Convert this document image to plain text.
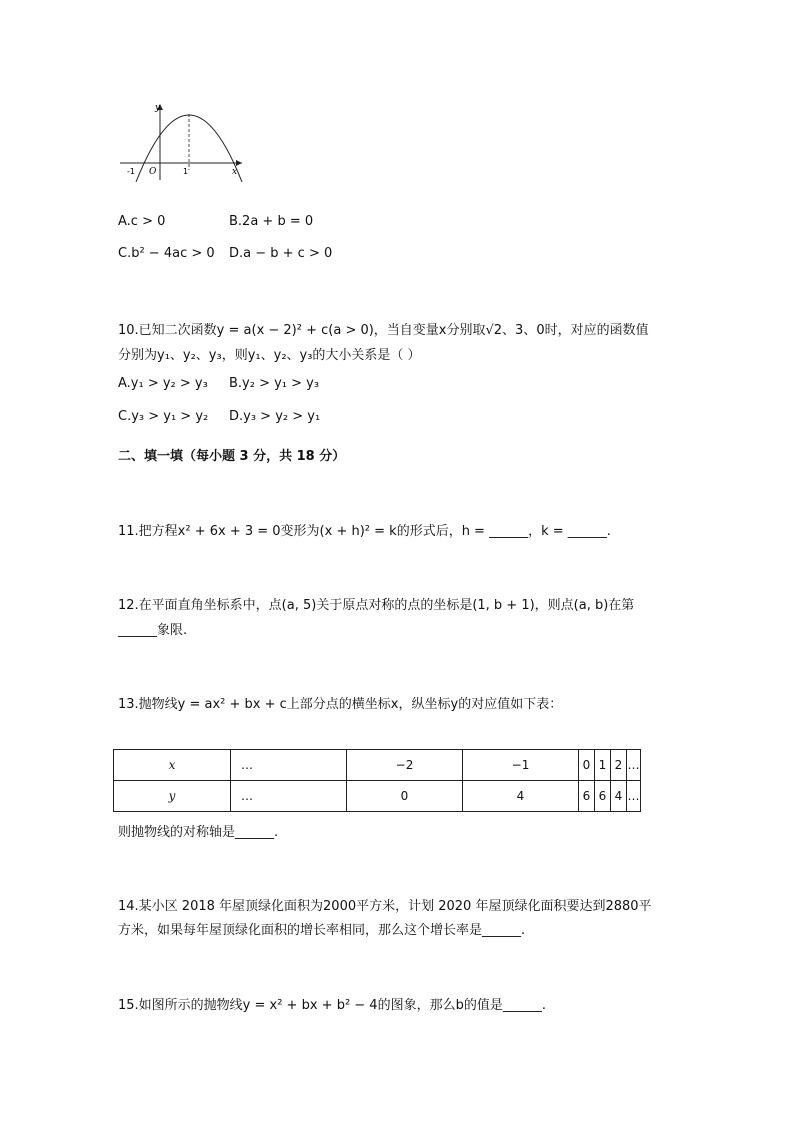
y
x
-1 O	1
A.c > 0	B.2a + b = 0
C.b² − 4ac > 0 D.a − b + c > 0
10.已知二次函数y = a(x − 2)² + c(a > 0)，当自变量x分别取√2、3、0时，对应的函数值
分别为y₁、y₂、y₃，则y₁、y₂、y₃的大小关系是（ ）
A.y₁ > y₂ > y₃ B.y₂ > y₁ > y₃
C.y₃ > y₁ > y₂ D.y₃ > y₂ > y₁
二、填一填（每小题 3 分，共 18 分）
11.把方程x² + 6x + 3 = 0变形为(x + h)² = k的形式后，h = ______，k = ______.
12.在平面直角坐标系中，点(a, 5)关于原点对称的点的坐标是(1, b + 1)，则点(a, b)在第
______象限.
13.抛物线y = ax² + bx + c上部分点的横坐标x，纵坐标y的对应值如下表：
x	…	−2	−1	0	1	2	…
y	…	0	4	6	6	4	…
则抛物线的对称轴是______.
14.某小区 2018 年屋顶绿化面积为2000平方米，计划 2020 年屋顶绿化面积要达到2880平
方米，如果每年屋顶绿化面积的增长率相同，那么这个增长率是______.
15.如图所示的抛物线y = x² + bx + b² − 4的图象，那么b的值是______.
